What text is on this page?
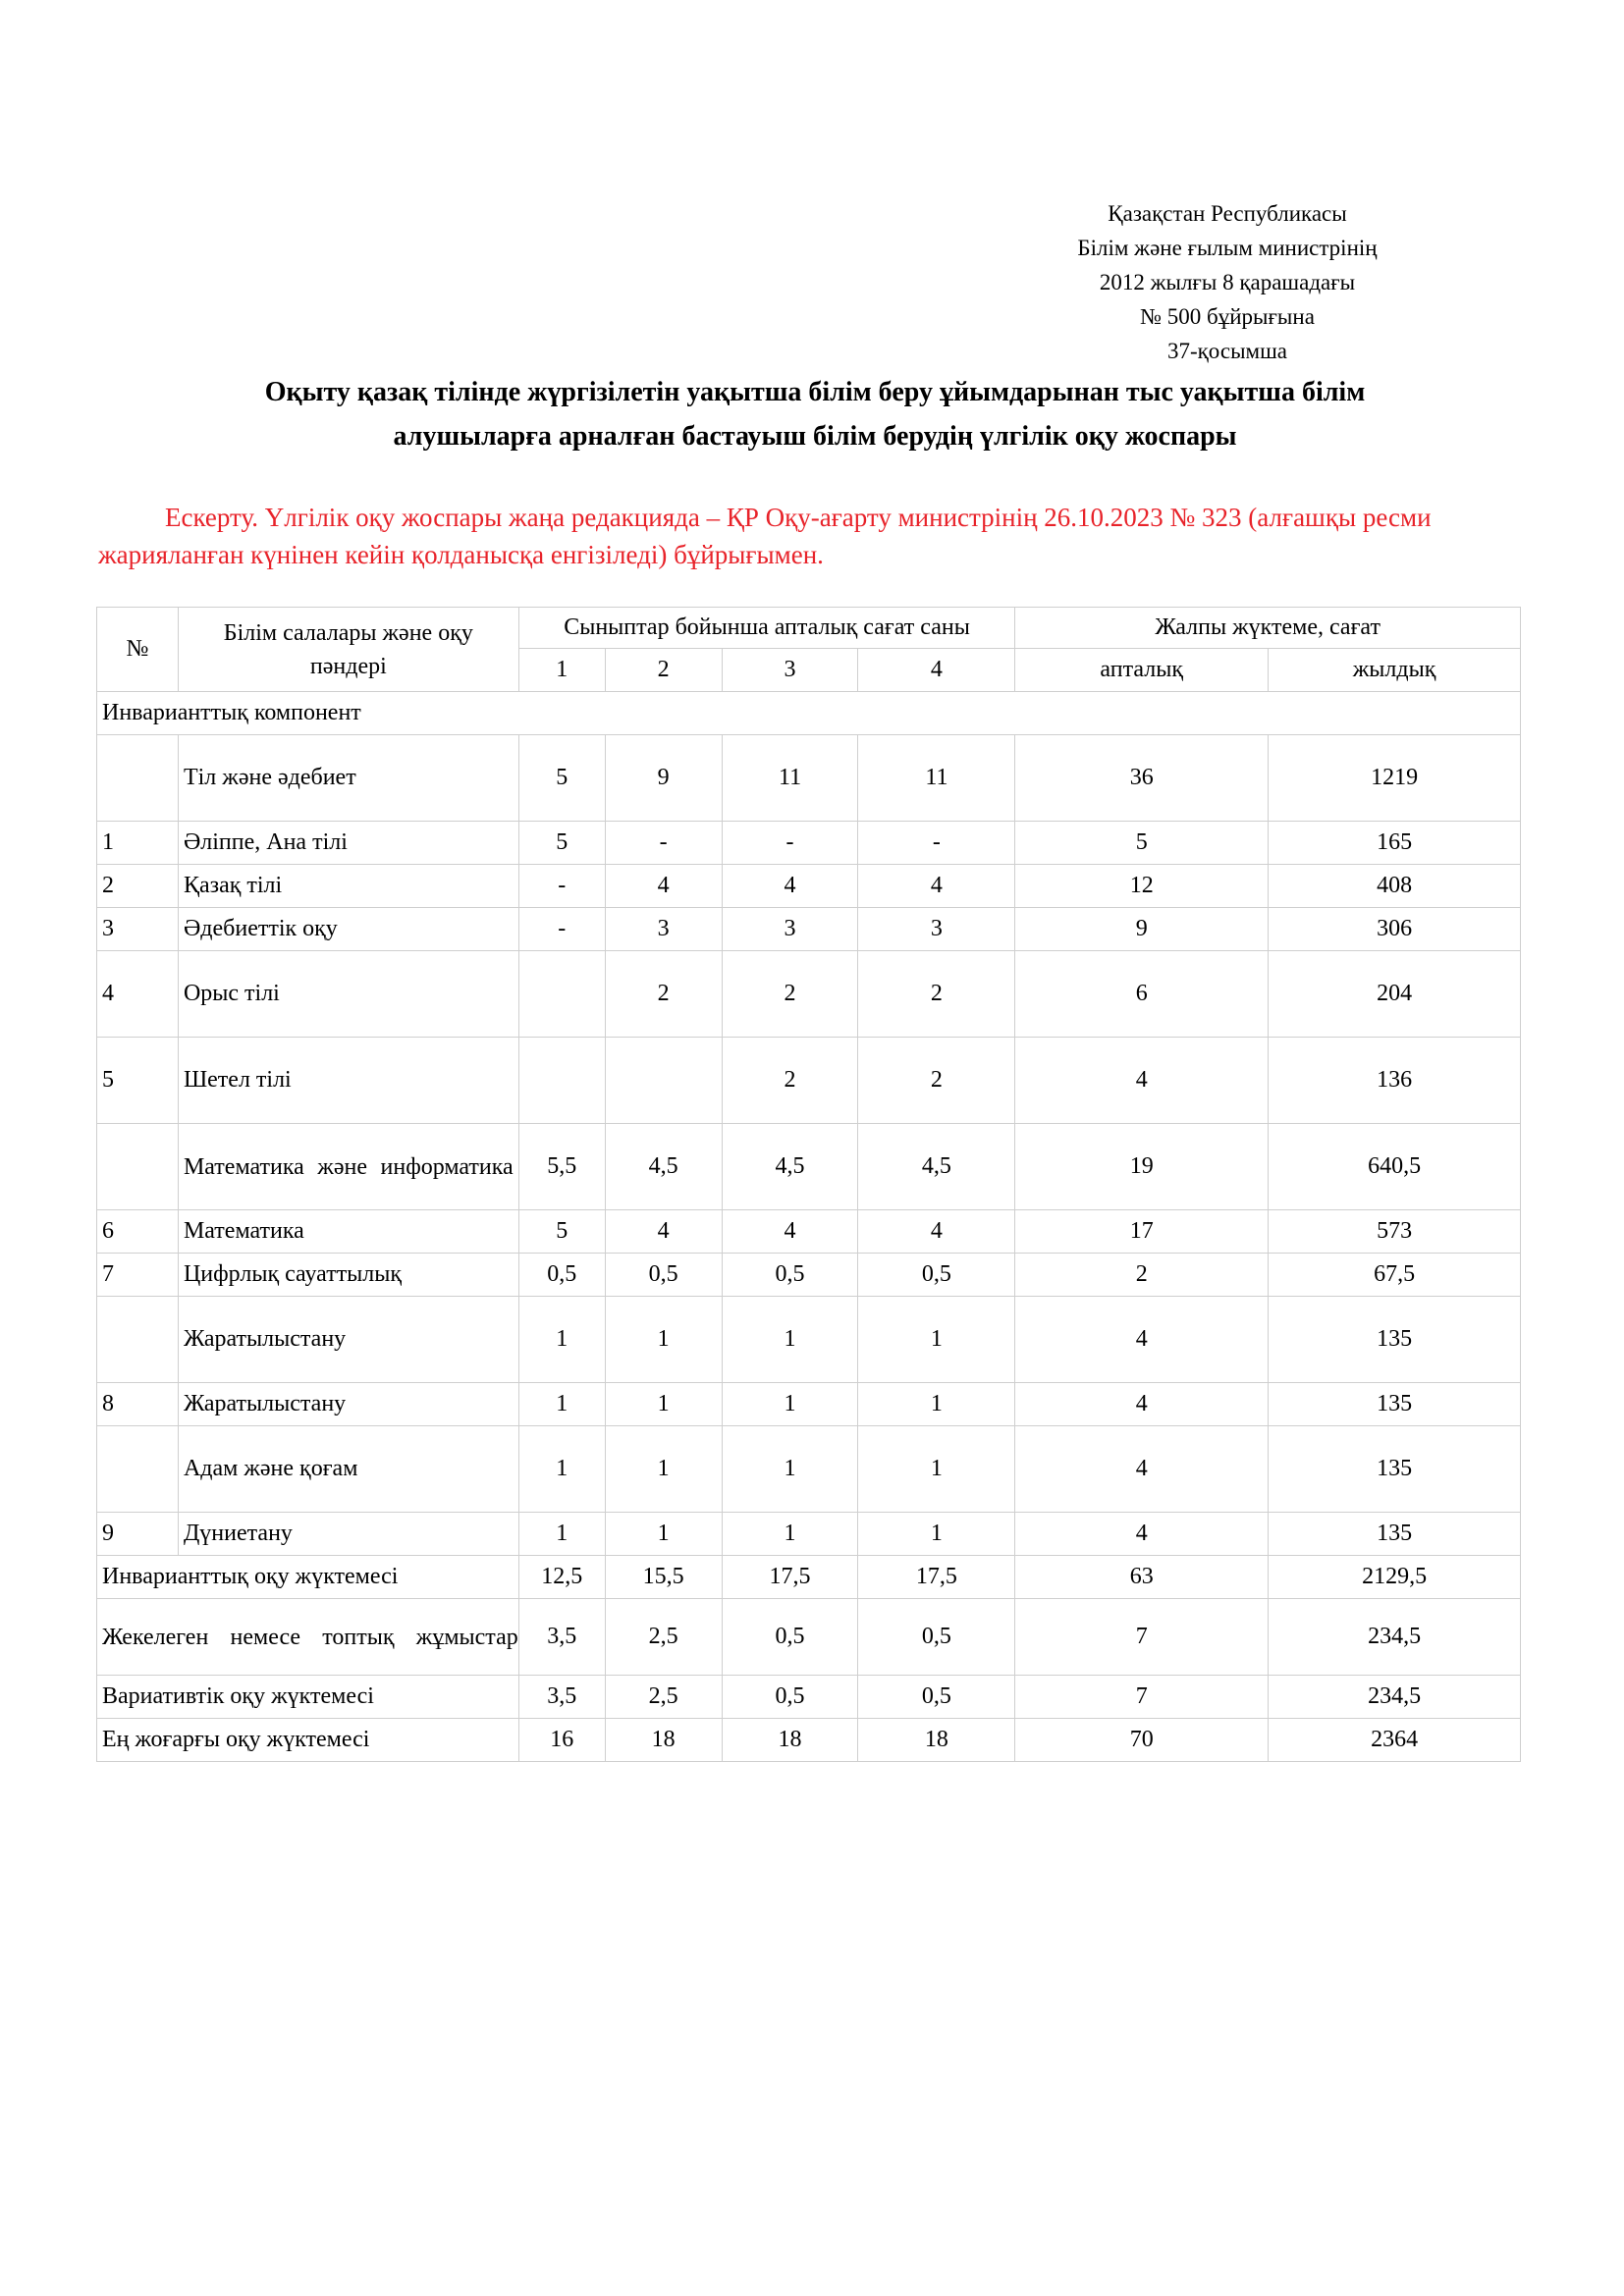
Қазақстан Республикасы
Білім және ғылым министрінің
2012 жылғы 8 қарашадағы
№ 500 бұйрығына
37-қосымша
Оқыту қазақ тілінде жүргізілетін уақытша білім беру ұйымдарынан тыс уақытша білім
алушыларға арналған бастауыш білім берудің үлгілік оқу жоспары
Ескерту. Үлгілік оқу жоспары жаңа редакцияда – ҚР Оқу-ағарту министрінің 26.10.2023 № 323 (алғашқы ресми жарияланған күнінен кейін қолданысқа енгізіледі) бұйрығымен.
№	Білім салалары және оқу пәндері	Сыныптар бойынша апталық сағат саны				Жалпы жүктеме, сағат	
		1	2	3	4	апталық	жылдық
Инварианттық компонент							
	Тіл және әдебиет	5	9	11	11	36	1219
1	Әліппе, Ана тілі	5	-	-	-	5	165
2	Қазақ тілі	-	4	4	4	12	408
3	Әдебиеттік оқу	-	3	3	3	9	306
4	Орыс тілі		2	2	2	6	204
5	Шетел тілі			2	2	4	136
	Математика және информатика	5,5	4,5	4,5	4,5	19	640,5
6	Математика	5	4	4	4	17	573
7	Цифрлық сауаттылық	0,5	0,5	0,5	0,5	2	67,5
	Жаратылыстану	1	1	1	1	4	135
8	Жаратылыстану	1	1	1	1	4	135
	Адам және қоғам	1	1	1	1	4	135
9	Дүниетану	1	1	1	1	4	135
Инварианттық оқу жүктемесі		12,5	15,5	17,5	17,5	63	2129,5
Жекелеген немесе топтық жұмыстар		3,5	2,5	0,5	0,5	7	234,5
Вариативтік оқу жүктемесі		3,5	2,5	0,5	0,5	7	234,5
Ең жоғарғы оқу жүктемесі		16	18	18	18	70	2364
